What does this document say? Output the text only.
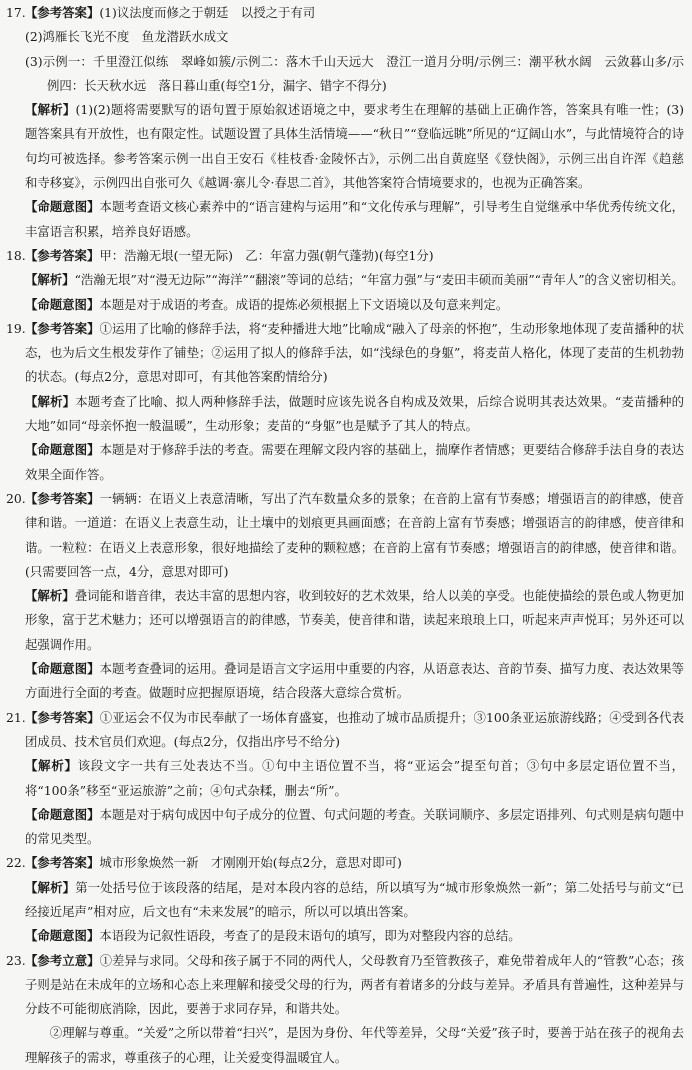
17. 【参考答案】(1)议法度而修之于朝廷　以授之于有司

(2)鸿雁长飞光不度　鱼龙潜跃水成文

(3)示例一：千里澄江似练　翠峰如簇/示例二：落木千山天远大　澄江一道月分明/示例三：潮平秋水阔　云敛暮山多/示例四：长天秋水远　落日暮山重(每空1分，漏字、错字不得分)

【解析】(1)(2)题将需要默写的语句置于原始叙述语境之中，要求考生在理解的基础上正确作答，答案具有唯一性；(3)题答案具有开放性，也有限定性。试题设置了具体生活情境——“秋日”“登临远眺”所见的“辽阔山水”，与此情境符合的诗句均可被选择。参考答案示例一出自王安石《桂枝香·金陵怀古》，示例二出自黄庭坚《登快阁》，示例三出自许浑《趋慈和寺移宴》，示例四出自张可久《越调·寨儿令·春思二首》，其他答案符合情境要求的，也视为正确答案。

【命题意图】本题考查语文核心素养中的“语言建构与运用”和“文化传承与理解”，引导考生自觉继承中华优秀传统文化，丰富语言积累，培养良好语感。

18. 【参考答案】甲：浩瀚无垠(一望无际)　乙：年富力强(朝气蓬勃)(每空1分)

【解析】“浩瀚无垠”对“漫无边际”“海洋”“翻滚”等词的总结；“年富力强”与“麦田丰硕而美丽”“青年人”的含义密切相关。

【命题意图】本题是对于成语的考查。成语的提炼必须根据上下文语境以及句意来判定。

19. 【参考答案】①运用了比喻的修辞手法，将“麦种播进大地”比喻成“融入了母亲的怀抱”，生动形象地体现了麦苗播种的状态，也为后文生根发芽作了铺垫；②运用了拟人的修辞手法，如“浅绿色的身躯”，将麦苗人格化，体现了麦苗的生机勃勃的状态。(每点2分，意思对即可，有其他答案酌情给分)

【解析】本题考查了比喻、拟人两种修辞手法，做题时应该先说各自构成及效果，后综合说明其表达效果。“麦苗播种的大地”如同“母亲怀抱一般温暖”，生动形象；麦苗的“身躯”也是赋予了其人的特点。

【命题意图】本题是对于修辞手法的考查。需要在理解文段内容的基础上，揣摩作者情感；更要结合修辞手法自身的表达效果全面作答。

20. 【参考答案】一辆辆：在语义上表意清晰，写出了汽车数量众多的景象；在音韵上富有节奏感；增强语言的韵律感，使音律和谐。一道道：在语义上表意生动，让土壤中的划痕更具画面感；在音韵上富有节奏感；增强语言的韵律感，使音律和谐。一粒粒：在语义上表意形象，很好地描绘了麦种的颗粒感；在音韵上富有节奏感；增强语言的韵律感，使音律和谐。(只需要回答一点，4分，意思对即可)

【解析】叠词能和谐音律，表达丰富的思想内容，收到较好的艺术效果，给人以美的享受。也能使描绘的景色或人物更加形象，富于艺术魅力；还可以增强语言的韵律感，节奏美，使音律和谐，读起来琅琅上口，听起来声声悦耳；另外还可以起强调作用。

【命题意图】本题考查叠词的运用。叠词是语言文字运用中重要的内容，从语意表达、音韵节奏、描写力度、表达效果等方面进行全面的考查。做题时应把握原语境，结合段落大意综合赏析。

21. 【参考答案】①亚运会不仅为市民奉献了一场体育盛宴，也推动了城市品质提升；③100条亚运旅游线路；④受到各代表团成员、技术官员们欢迎。(每点2分，仅指出序号不给分)

【解析】该段文字一共有三处表达不当。①句中主语位置不当，将“亚运会”提至句首；③句中多层定语位置不当，将“100条”移至“亚运旅游”之前；④句式杂糅，删去“所”。

【命题意图】本题是对于病句成因中句子成分的位置、句式问题的考查。关联词顺序、多层定语排列、句式则是病句题中的常见类型。

22. 【参考答案】城市形象焕然一新　才刚刚开始(每点2分，意思对即可)

【解析】第一处括号位于该段落的结尾，是对本段内容的总结，所以填写为“城市形象焕然一新”；第二处括号与前文“已经接近尾声”相对应，后文也有“未来发展”的暗示，所以可以填出答案。

【命题意图】本语段为记叙性语段，考查了的是段末语句的填写，即为对整段内容的总结。

23. 【参考立意】①差异与求同。父母和孩子属于不同的两代人，父母教育乃至管教孩子，难免带着成年人的“管教”心态；孩子则是站在未成年的立场和心态上来理解和接受父母的行为，两者有着诸多的分歧与差异。矛盾具有普遍性，这种差异与分歧不可能彻底消除，因此，要善于求同存异，和谐共处。

②理解与尊重。“关爱”之所以带着“扫兴”，是因为身份、年代等差异，父母“关爱”孩子时，要善于站在孩子的视角去理解孩子的需求，尊重孩子的心理，让关爱变得温暖宜人。
